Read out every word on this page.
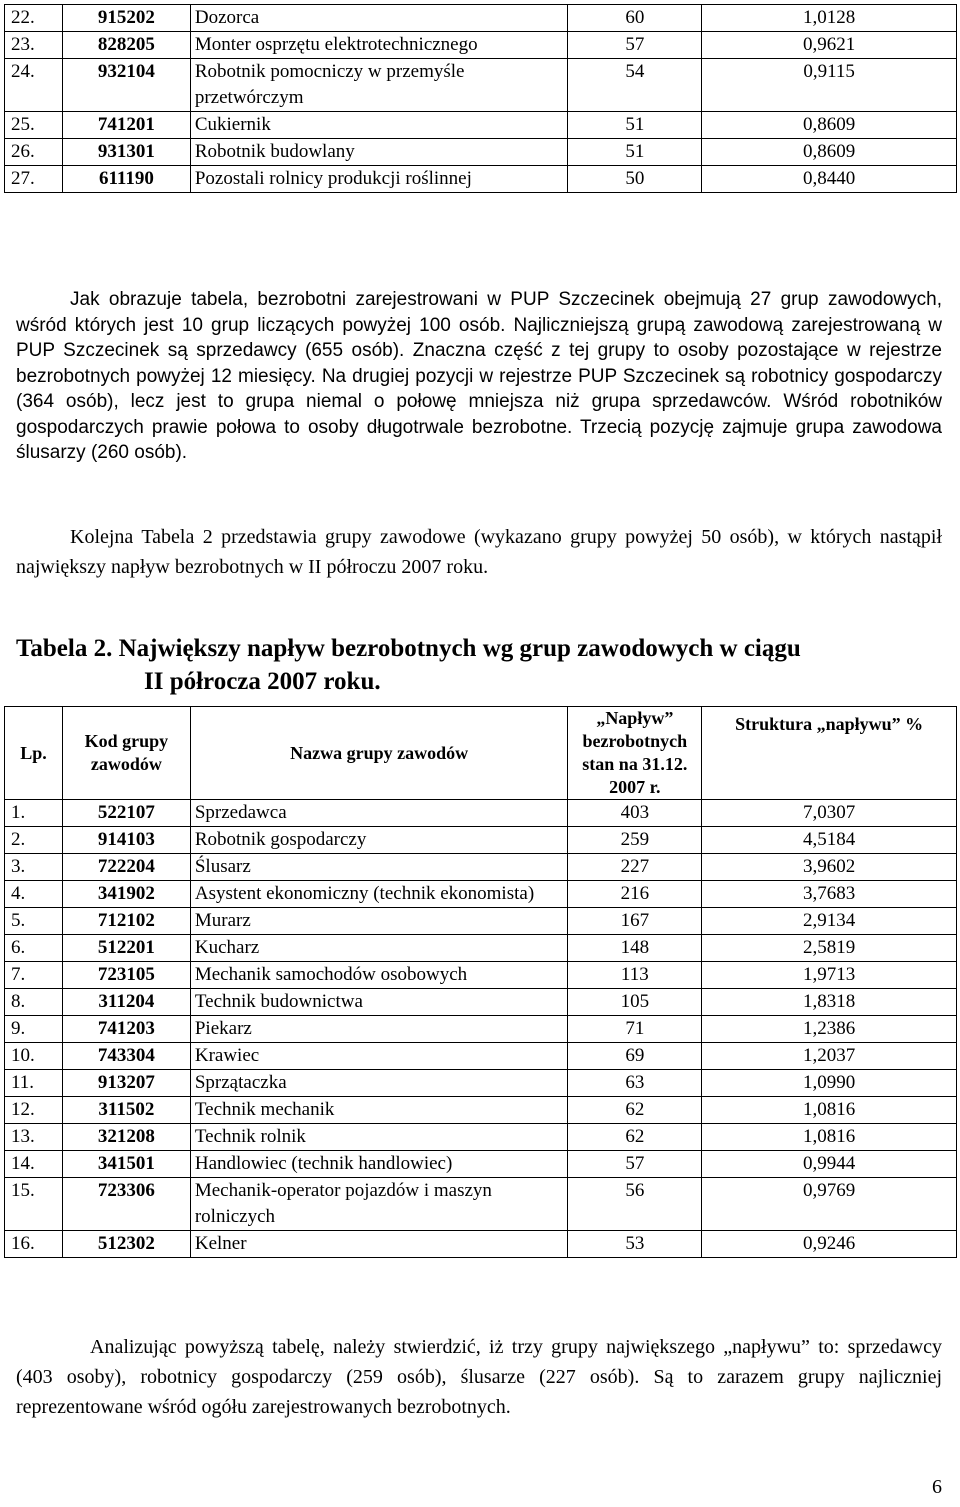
22.	915202	Dozorca	60	1,0128
23.	828205	Monter osprzętu elektrotechnicznego	57	0,9621
24.	932104	Robotnik pomocniczy w przemyśle przetwórczym	54	0,9115
25.	741201	Cukiernik	51	0,8609
26.	931301	Robotnik budowlany	51	0,8609
27.	611190	Pozostali rolnicy produkcji roślinnej	50	0,8440
Jak obrazuje tabela, bezrobotni zarejestrowani w PUP Szczecinek obejmują 27 grup zawodowych, wśród których jest 10 grup liczących powyżej 100 osób. Najliczniejszą grupą zawodową zarejestrowaną w PUP Szczecinek są sprzedawcy (655 osób). Znaczna część z tej grupy to osoby pozostające w rejestrze bezrobotnych powyżej 12 miesięcy. Na drugiej pozycji w rejestrze PUP Szczecinek są robotnicy gospodarczy (364 osób), lecz jest to grupa niemal o połowę mniejsza niż grupa sprzedawców. Wśród robotników gospodarczych prawie połowa to osoby długotrwale bezrobotne. Trzecią pozycję zajmuje grupa zawodowa ślusarzy (260 osób).
Kolejna Tabela 2 przedstawia grupy zawodowe (wykazano grupy powyżej 50 osób), w których nastąpił największy napływ bezrobotnych w II półroczu 2007 roku.
Tabela 2. Największy napływ bezrobotnych wg grup zawodowych w ciągu
II półrocza 2007 roku.
Lp.	Kod grupy zawodów	Nazwa grupy zawodów	„Napływ” bezrobotnych stan na 31.12. 2007 r.	Struktura „napływu” %
1.	522107	Sprzedawca	403	7,0307
2.	914103	Robotnik gospodarczy	259	4,5184
3.	722204	Ślusarz	227	3,9602
4.	341902	Asystent ekonomiczny (technik ekonomista)	216	3,7683
5.	712102	Murarz	167	2,9134
6.	512201	Kucharz	148	2,5819
7.	723105	Mechanik samochodów osobowych	113	1,9713
8.	311204	Technik budownictwa	105	1,8318
9.	741203	Piekarz	71	1,2386
10.	743304	Krawiec	69	1,2037
11.	913207	Sprzątaczka	63	1,0990
12.	311502	Technik mechanik	62	1,0816
13.	321208	Technik rolnik	62	1,0816
14.	341501	Handlowiec (technik handlowiec)	57	0,9944
15.	723306	Mechanik-operator pojazdów i maszyn rolniczych	56	0,9769
16.	512302	Kelner	53	0,9246
Analizując powyższą tabelę, należy stwierdzić, iż trzy grupy największego „napływu” to: sprzedawcy (403 osoby), robotnicy gospodarczy (259 osób), ślusarze (227 osób). Są to zarazem grupy najliczniej reprezentowane wśród ogółu zarejestrowanych bezrobotnych.
6
